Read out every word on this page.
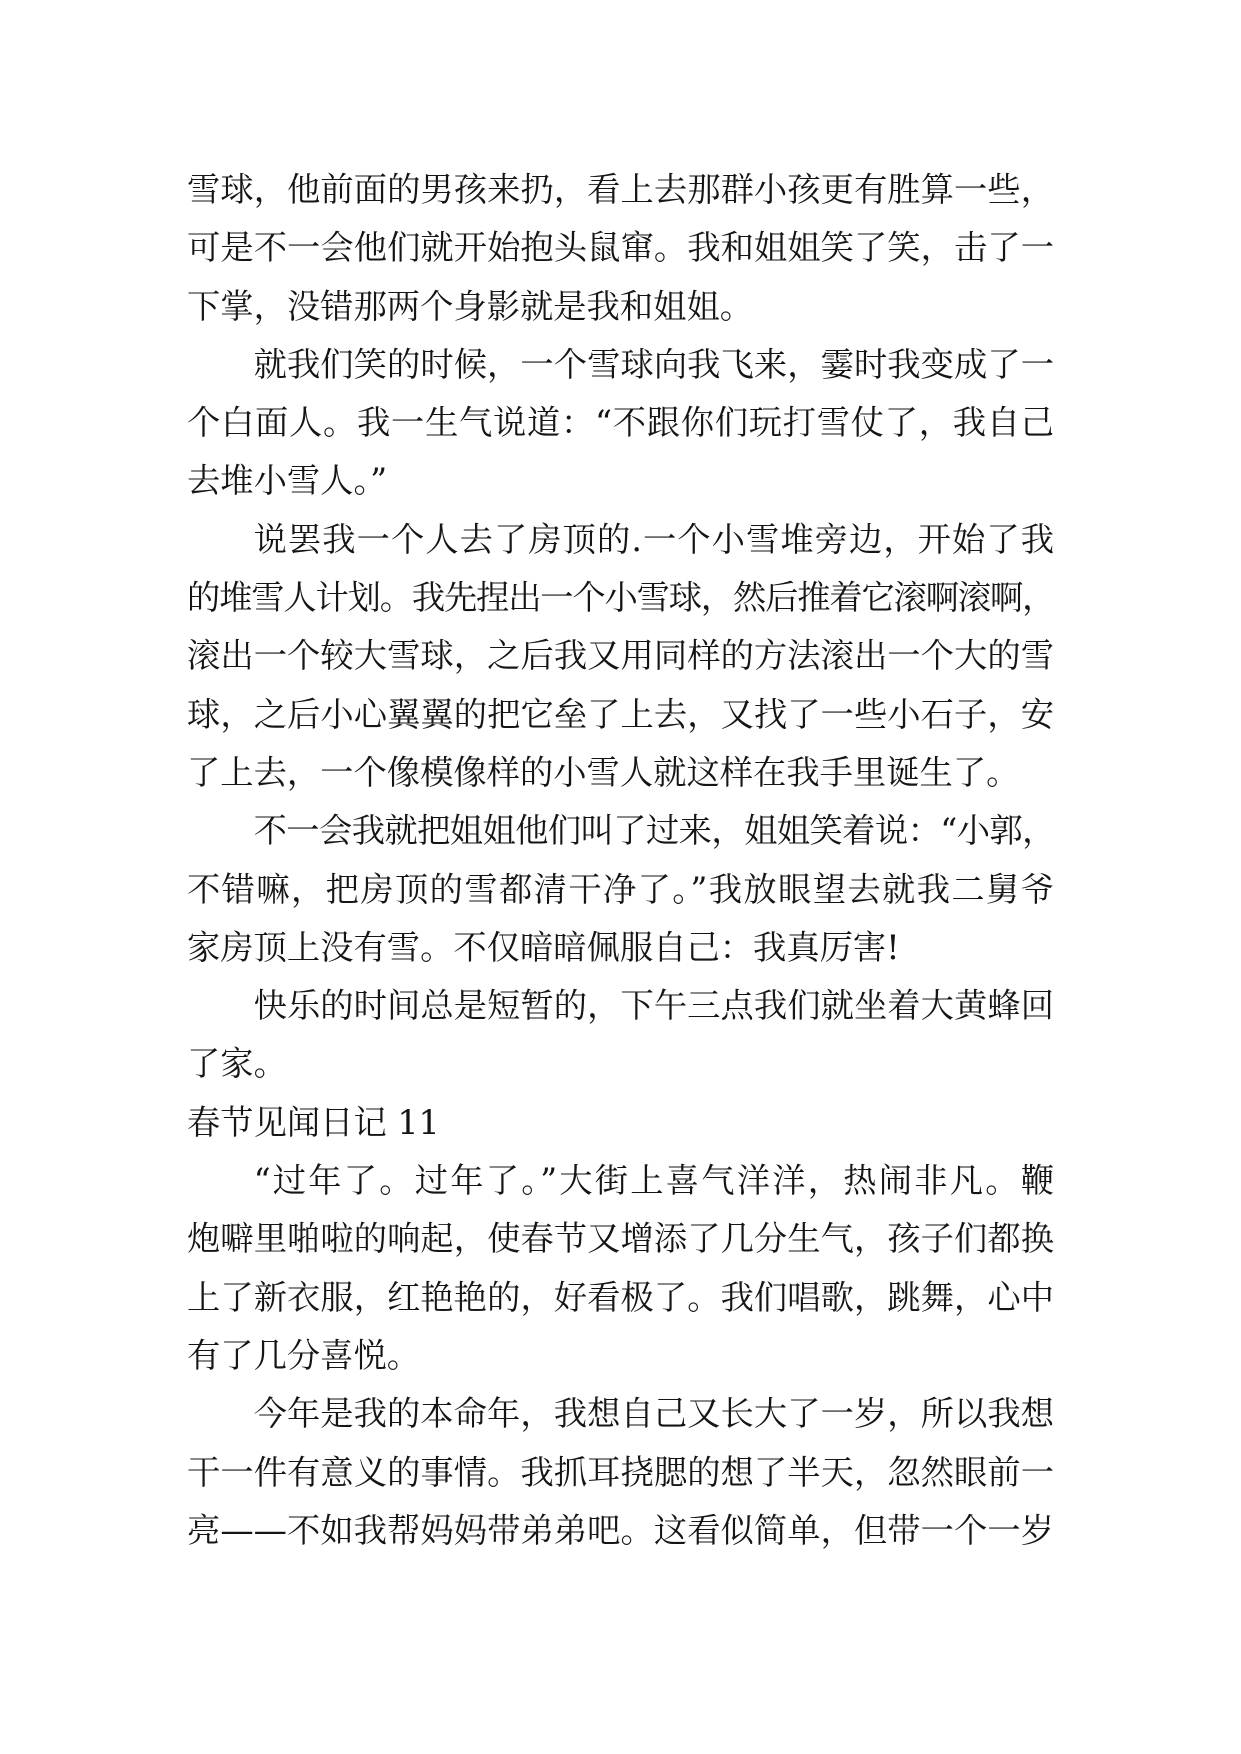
雪球，他前面的男孩来扔，看上去那群小孩更有胜算一些，
可是不一会他们就开始抱头鼠窜。我和姐姐笑了笑，击了一
下掌，没错那两个身影就是我和姐姐。
就我们笑的时候，一个雪球向我飞来，霎时我变成了一
个白面人。我一生气说道：“不跟你们玩打雪仗了，我自己
去堆小雪人。”
说罢我一个人去了房顶的.一个小雪堆旁边，开始了我
的堆雪人计划。我先捏出一个小雪球，然后推着它滚啊滚啊，
滚出一个较大雪球，之后我又用同样的方法滚出一个大的雪
球，之后小心翼翼的把它垒了上去，又找了一些小石子，安
了上去，一个像模像样的小雪人就这样在我手里诞生了。
不一会我就把姐姐他们叫了过来，姐姐笑着说：“小郭，
不错嘛，把房顶的雪都清干净了。”我放眼望去就我二舅爷
家房顶上没有雪。不仅暗暗佩服自己：我真厉害!
快乐的时间总是短暂的，下午三点我们就坐着大黄蜂回
了家。
春节见闻日记 11
“过年了。过年了。”大街上喜气洋洋，热闹非凡。鞭
炮噼里啪啦的响起，使春节又增添了几分生气，孩子们都换
上了新衣服，红艳艳的，好看极了。我们唱歌，跳舞，心中
有了几分喜悦。
今年是我的本命年，我想自己又长大了一岁，所以我想
干一件有意义的事情。我抓耳挠腮的想了半天，忽然眼前一
亮——不如我帮妈妈带弟弟吧。这看似简单，但带一个一岁
